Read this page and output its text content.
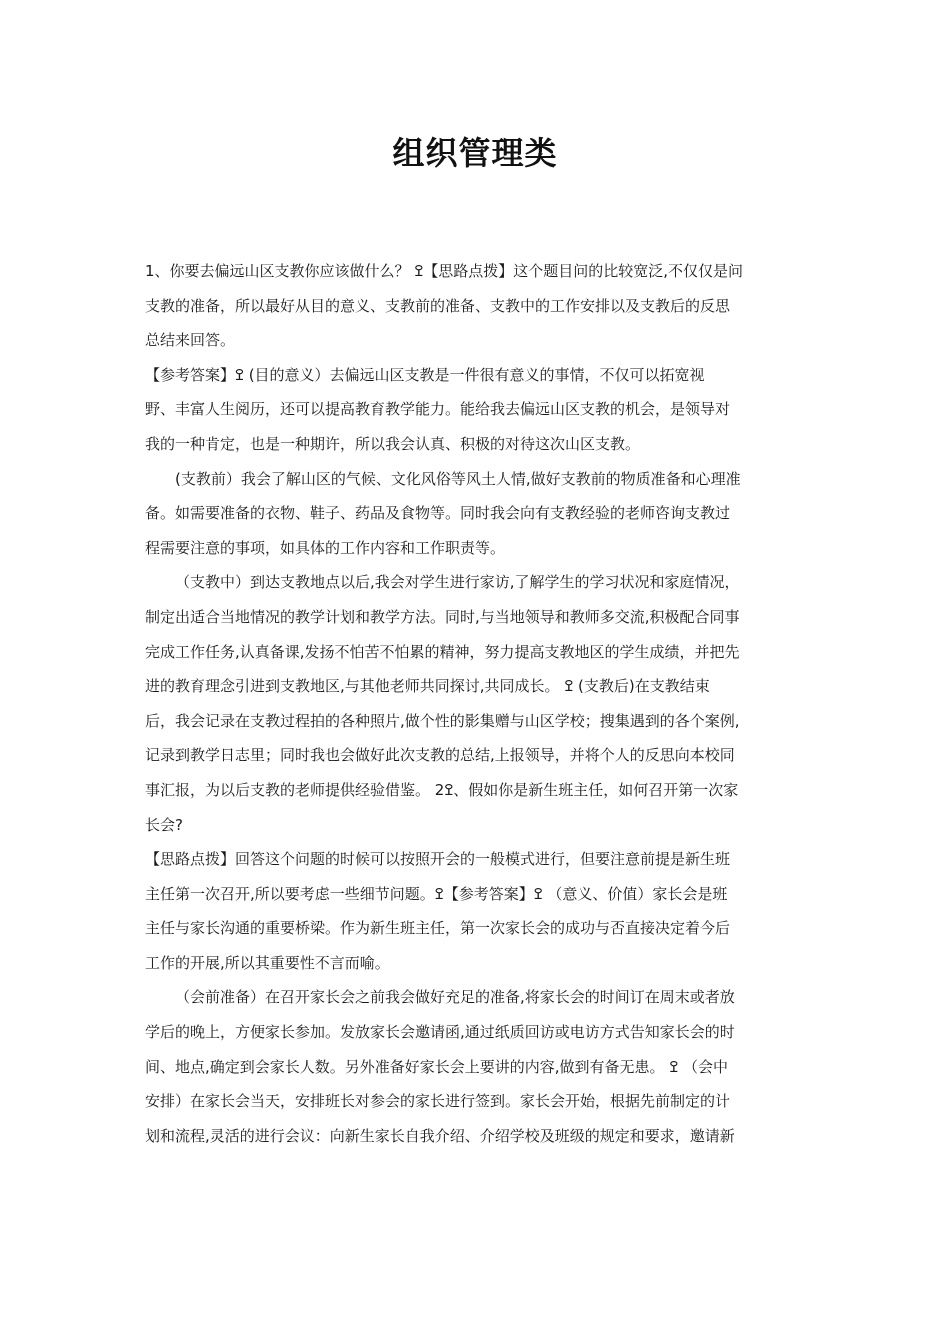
组织管理类
1、你要去偏远山区支教你应该做什么？ ߐ【思路点拨】这个题目问的比较宽泛,不仅仅是问
支教的准备，所以最好从目的意义、支教前的准备、支教中的工作安排以及支教后的反思
总结来回答。
【参考答案】ߐ (目的意义）去偏远山区支教是一件很有意义的事情，不仅可以拓宽视
野、丰富人生阅历，还可以提高教育教学能力。能给我去偏远山区支教的机会，是领导对
我的一种肯定，也是一种期许，所以我会认真、积极的对待这次山区支教。
(支教前）我会了解山区的气候、文化风俗等风土人情,做好支教前的物质准备和心理准
备。如需要准备的衣物、鞋子、药品及食物等。同时我会向有支教经验的老师咨询支教过
程需要注意的事项，如具体的工作内容和工作职责等。
（支教中）到达支教地点以后,我会对学生进行家访,了解学生的学习状况和家庭情况，
制定出适合当地情况的教学计划和教学方法。同时,与当地领导和教师多交流,积极配合同事
完成工作任务,认真备课,发扬不怕苦不怕累的精神，努力提高支教地区的学生成绩，并把先
进的教育理念引进到支教地区,与其他老师共同探讨,共同成长。 ߐ (支教后)在支教结束
后，我会记录在支教过程拍的各种照片,做个性的影集赠与山区学校；搜集遇到的各个案例,
记录到教学日志里；同时我也会做好此次支教的总结,上报领导，并将个人的反思向本校同
事汇报，为以后支教的老师提供经验借鉴。 2ߐ、假如你是新生班主任，如何召开第一次家
长会?
【思路点拨】回答这个问题的时候可以按照开会的一般模式进行，但要注意前提是新生班
主任第一次召开,所以要考虑一些细节问题。ߐ【参考答案】ߐ （意义、价值）家长会是班
主任与家长沟通的重要桥梁。作为新生班主任，第一次家长会的成功与否直接决定着今后
工作的开展,所以其重要性不言而喻。
（会前准备）在召开家长会之前我会做好充足的准备,将家长会的时间订在周末或者放
学后的晚上，方便家长参加。发放家长会邀请函,通过纸质回访或电访方式告知家长会的时
间、地点,确定到会家长人数。另外准备好家长会上要讲的内容,做到有备无患。 ߐ （会中
安排）在家长会当天，安排班长对参会的家长进行签到。家长会开始，根据先前制定的计
划和流程,灵活的进行会议：向新生家长自我介绍、介绍学校及班级的规定和要求，邀请新
